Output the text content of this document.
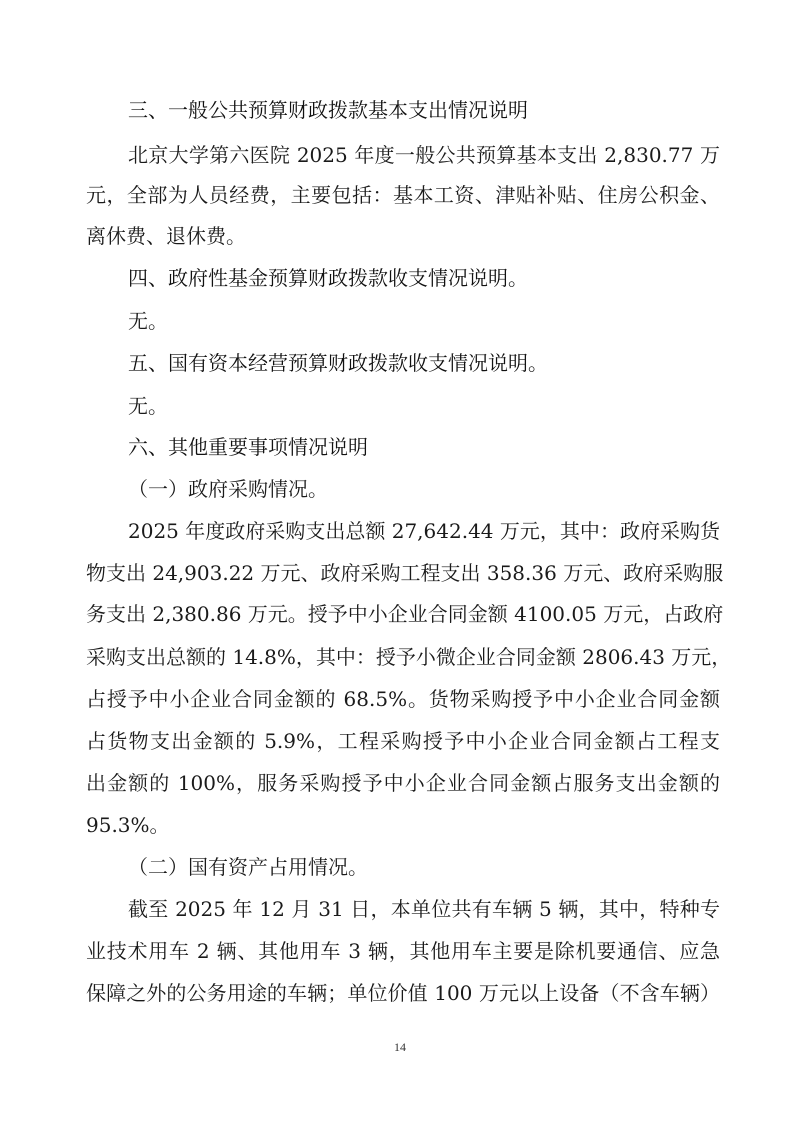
三、一般公共预算财政拨款基本支出情况说明
北京大学第六医院 2025 年度一般公共预算基本支出 2,830.77 万
元，全部为人员经费，主要包括：基本工资、津贴补贴、住房公积金、
离休费、退休费。
四、政府性基金预算财政拨款收支情况说明。
无。
五、国有资本经营预算财政拨款收支情况说明。
无。
六、其他重要事项情况说明
（一）政府采购情况。
2025 年度政府采购支出总额 27,642.44 万元，其中：政府采购货
物支出 24,903.22 万元、政府采购工程支出 358.36 万元、政府采购服
务支出 2,380.86 万元。授予中小企业合同金额 4100.05 万元，占政府
采购支出总额的 14.8%，其中：授予小微企业合同金额 2806.43 万元，
占授予中小企业合同金额的 68.5%。货物采购授予中小企业合同金额
占货物支出金额的 5.9%，工程采购授予中小企业合同金额占工程支
出金额的 100%，服务采购授予中小企业合同金额占服务支出金额的
95.3%。
（二）国有资产占用情况。
截至 2025 年 12 月 31 日，本单位共有车辆 5 辆，其中，特种专
业技术用车 2 辆、其他用车 3 辆，其他用车主要是除机要通信、应急
保障之外的公务用途的车辆；单位价值 100 万元以上设备（不含车辆）
14
